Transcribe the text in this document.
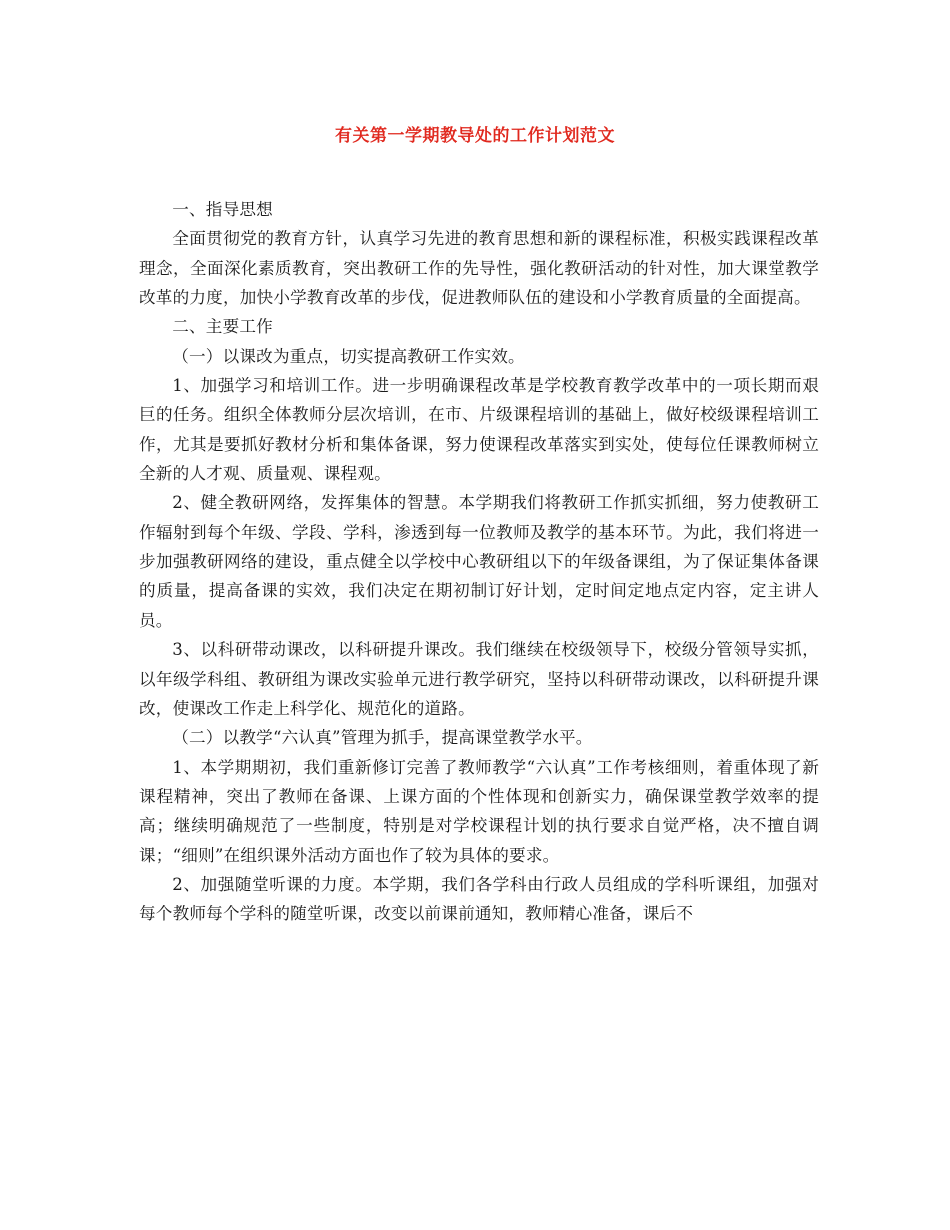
有关第一学期教导处的工作计划范文

一、指导思想

全面贯彻党的教育方针，认真学习先进的教育思想和新的课程标准，积极实践课程改革理念，全面深化素质教育，突出教研工作的先导性，强化教研活动的针对性，加大课堂教学改革的力度，加快小学教育改革的步伐，促进教师队伍的建设和小学教育质量的全面提高。

二、主要工作

（一）以课改为重点，切实提高教研工作实效。

1、加强学习和培训工作。进一步明确课程改革是学校教育教学改革中的一项长期而艰巨的任务。组织全体教师分层次培训，在市、片级课程培训的基础上，做好校级课程培训工作，尤其是要抓好教材分析和集体备课，努力使课程改革落实到实处，使每位任课教师树立全新的人才观、质量观、课程观。

2、健全教研网络，发挥集体的智慧。本学期我们将教研工作抓实抓细，努力使教研工作辐射到每个年级、学段、学科，渗透到每一位教师及教学的基本环节。为此，我们将进一步加强教研网络的建设，重点健全以学校中心教研组以下的年级备课组，为了保证集体备课的质量，提高备课的实效，我们决定在期初制订好计划，定时间定地点定内容，定主讲人员。

3、以科研带动课改，以科研提升课改。我们继续在校级领导下，校级分管领导实抓，以年级学科组、教研组为课改实验单元进行教学研究，坚持以科研带动课改，以科研提升课改，使课改工作走上科学化、规范化的道路。

（二）以教学“六认真”管理为抓手，提高课堂教学水平。

1、本学期期初，我们重新修订完善了教师教学“六认真”工作考核细则，着重体现了新课程精神，突出了教师在备课、上课方面的个性体现和创新实力，确保课堂教学效率的提高；继续明确规范了一些制度，特别是对学校课程计划的执行要求自觉严格，决不擅自调课；“细则”在组织课外活动方面也作了较为具体的要求。

2、加强随堂听课的力度。本学期，我们各学科由行政人员组成的学科听课组，加强对每个教师每个学科的随堂听课，改变以前课前通知，教师精心准备，课后不
